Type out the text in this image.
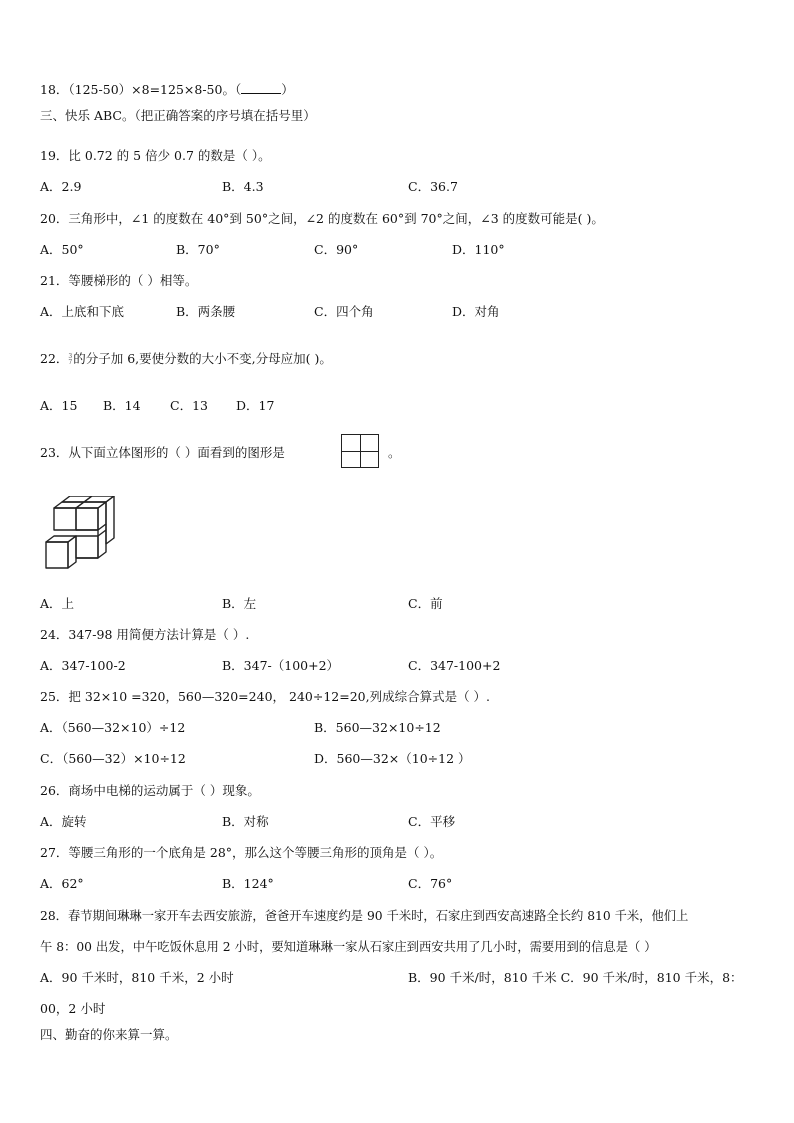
18．（125-50）×8=125×8-50。（	）
三、快乐 ABC。（把正确答案的序号填在括号里）
19．比 0.72 的 5 倍少 0.7 的数是（ ）。
A．2.9	B．4.3	C．36.7
20．三角形中，∠1 的度数在 40°到 50°之间，∠2 的度数在 60°到 70°之间，∠3 的度数可能是( )。
A．50°	B．70°	C．90°	D．110°
21．等腰梯形的（ ）相等。
A．上底和下底	B．两条腰	C．四个角	D．对角
22． 3
7 的分子加 6,要使分数的大小不变,分母应加( )。
A．15 B．14 C．13 D．17
23．从下面立体图形的（ ）面看到的图形是	。
A．上	B．左	C．前
24．347-98 用简便方法计算是（ ）.
A．347-100-2	B．347-（100+2）	C．347-100+2
25．把 32×10 =320，560—320=240， 240÷12=20,列成综合算式是（ ）.
A．（560—32×10）÷12	B．560—32×10÷12
C．（560—32）×10÷12	D．560—32×（10÷12 ）
26．商场中电梯的运动属于（ ）现象。
A．旋转	B．对称	C．平移
27．等腰三角形的一个底角是 28°，那么这个等腰三角形的顶角是（ ）。
A．62°	B．124°	C．76°
28．春节期间琳琳一家开车去西安旅游，爸爸开车速度约是 90 千米时，石家庄到西安高速路全长约 810 千米，他们上
午 8：00 出发，中午吃饭休息用 2 小时，要知道琳琳一家从石家庄到西安共用了几小时，需要用到的信息是（ ）
A．90 千米时，810 千米，2 小时	B．90 千米/时，810 千米 C．90 千米/时，810 千米，8：
00，2 小时
四、勤奋的你来算一算。
